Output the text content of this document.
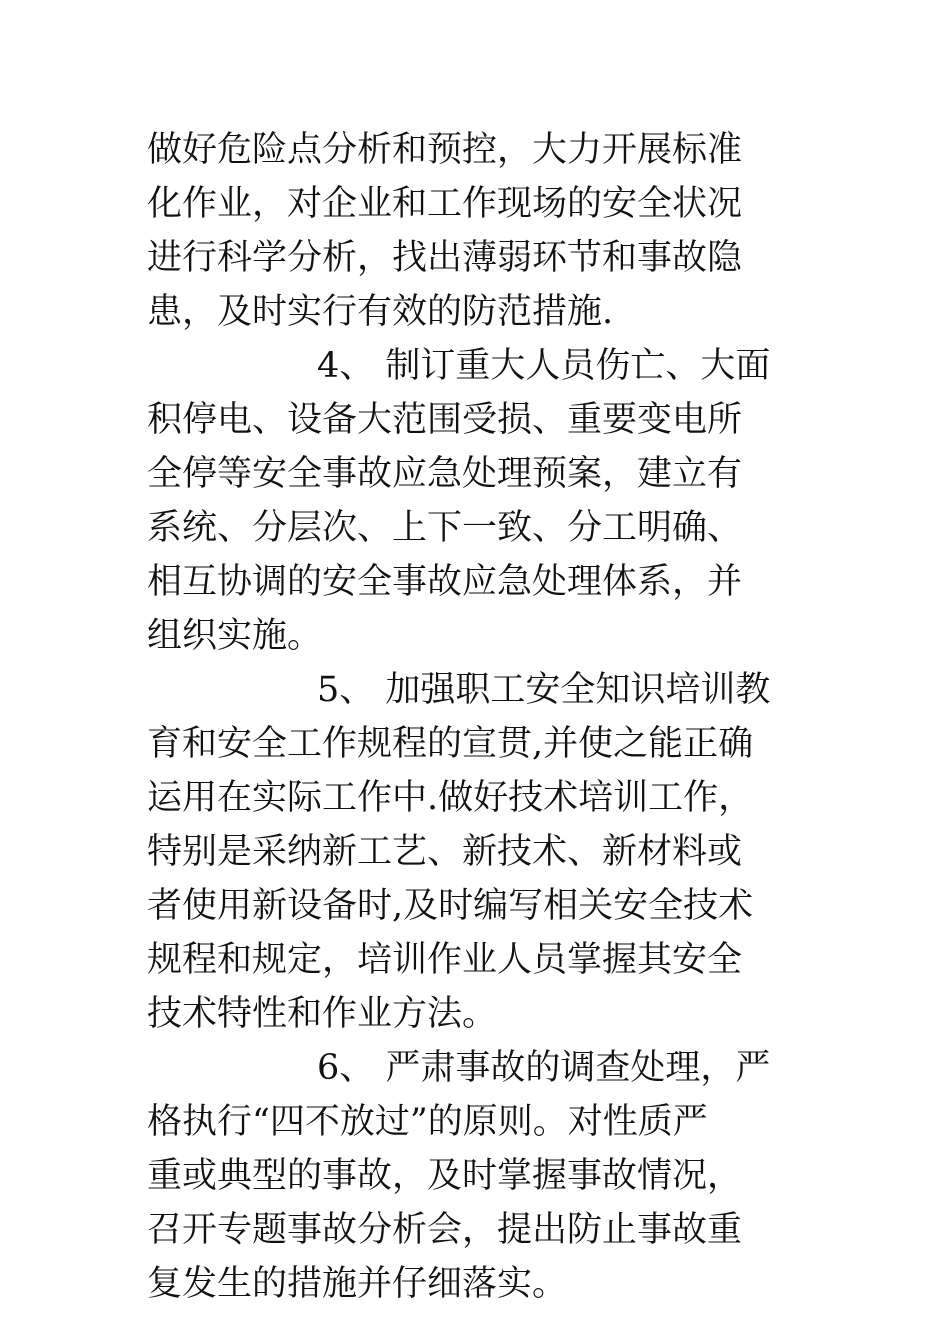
做好危险点分析和预控，大力开展标准
化作业，对企业和工作现场的安全状况
进行科学分析，找出薄弱环节和事故隐
患，及时实行有效的防范措施.

4、 制订重大人员伤亡、大面
积停电、设备大范围受损、重要变电所
全停等安全事故应急处理预案，建立有
系统、分层次、上下一致、分工明确、
相互协调的安全事故应急处理体系，并
组织实施。

5、 加强职工安全知识培训教
育和安全工作规程的宣贯,并使之能正确
运用在实际工作中.做好技术培训工作，
特别是采纳新工艺、新技术、新材料或
者使用新设备时,及时编写相关安全技术
规程和规定，培训作业人员掌握其安全
技术特性和作业方法。

6、 严肃事故的调查处理，严
格执行“四不放过”的原则。对性质严
重或典型的事故，及时掌握事故情况，
召开专题事故分析会，提出防止事故重
复发生的措施并仔细落实。
